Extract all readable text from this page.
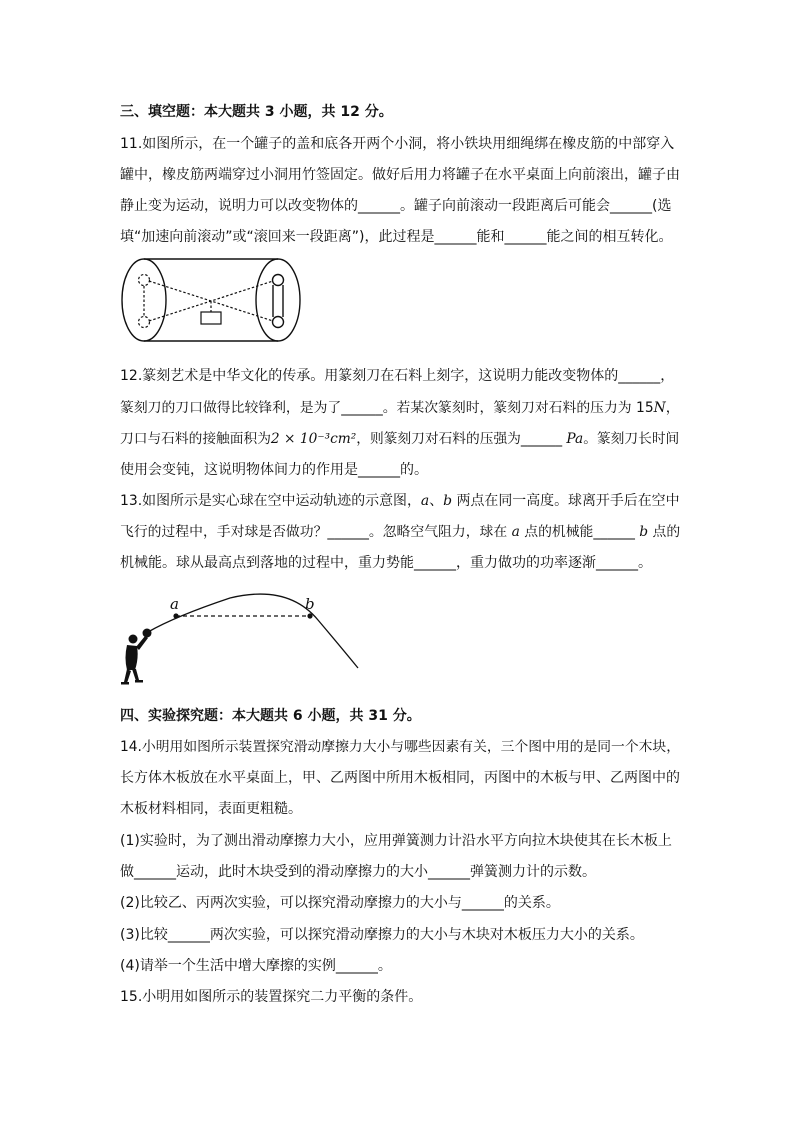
三、填空题：本大题共 3 小题，共 12 分。
11.如图所示，在一个罐子的盖和底各开两个小洞，将小铁块用细绳绑在橡皮筋的中部穿入
罐中，橡皮筋两端穿过小洞用竹签固定。做好后用力将罐子在水平桌面上向前滚出，罐子由
静止变为运动，说明力可以改变物体的______。罐子向前滚动一段距离后可能会______(选
填“加速向前滚动”或“滚回来一段距离”)，此过程是______能和______能之间的相互转化。
12.篆刻艺术是中华文化的传承。用篆刻刀在石料上刻字，这说明力能改变物体的______，
篆刻刀的刀口做得比较锋利，是为了______。若某次篆刻时，篆刻刀对石料的压力为 15N，
刀口与石料的接触面积为2 × 10⁻³cm²，则篆刻刀对石料的压强为______ Pa。篆刻刀长时间
使用会变钝，这说明物体间力的作用是______的。
13.如图所示是实心球在空中运动轨迹的示意图，a、b 两点在同一高度。球离开手后在空中
飞行的过程中，手对球是否做功？______。忽略空气阻力，球在 a 点的机械能______ b 点的
机械能。球从最高点到落地的过程中，重力势能______，重力做功的功率逐渐______。
a	b
四、实验探究题：本大题共 6 小题，共 31 分。
14.小明用如图所示装置探究滑动摩擦力大小与哪些因素有关，三个图中用的是同一个木块，
长方体木板放在水平桌面上，甲、乙两图中所用木板相同，丙图中的木板与甲、乙两图中的
木板材料相同，表面更粗糙。
(1)实验时，为了测出滑动摩擦力大小，应用弹簧测力计沿水平方向拉木块使其在长木板上
做______运动，此时木块受到的滑动摩擦力的大小______弹簧测力计的示数。
(2)比较乙、丙两次实验，可以探究滑动摩擦力的大小与______的关系。
(3)比较______两次实验，可以探究滑动摩擦力的大小与木块对木板压力大小的关系。
(4)请举一个生活中增大摩擦的实例______。
15.小明用如图所示的装置探究二力平衡的条件。
